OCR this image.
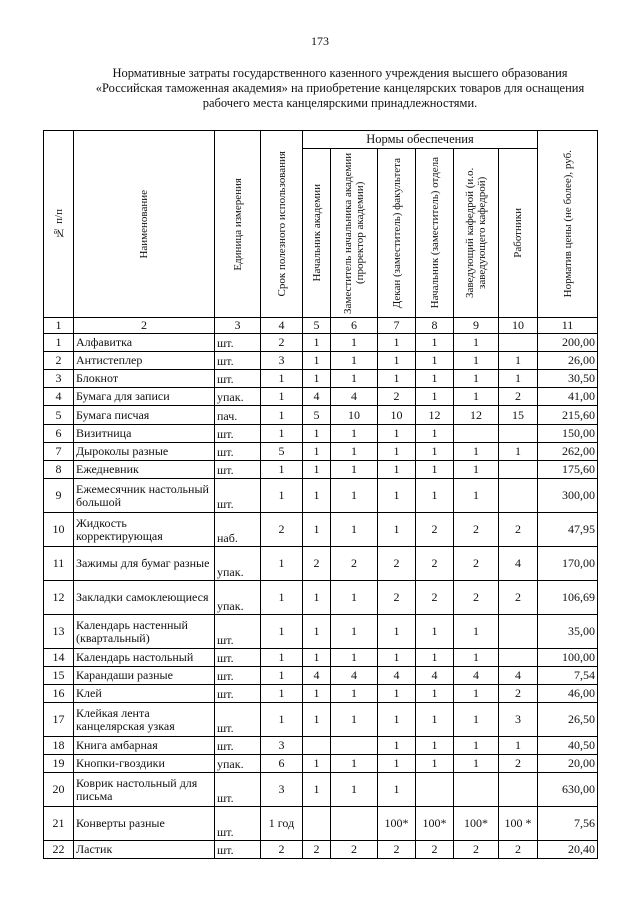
173
Нормативные затраты государственного казенного учреждения высшего образования
«Российская таможенная академия» на приобретение канцелярских товаров для оснащения
рабочего места канцелярскими принадлежностями.
№ п/п	Наименование	Единица измерения	Срок полезного использования	Нормы обеспечения						Норматив цены (не более), руб.

				Начальник академии	Заместитель начальника академии (проректор академии)	Декан (заместитель) факультета	Начальник (заместитель) отдела	Заведующий кафедрой (и.о. заведующего кафедрой)	Работники	

1	2	3	4	5	6	7	8	9	10	11
1	Алфавитка	шт.	2	1	1	1	1	1		200,00
2	Антистеплер	шт.	3	1	1	1	1	1	1	26,00
3	Блокнот	шт.	1	1	1	1	1	1	1	30,50
4	Бумага для записи	упак.	1	4	4	2	1	1	2	41,00
5	Бумага писчая	пач.	1	5	10	10	12	12	15	215,60
6	Визитница	шт.	1	1	1	1	1			150,00
7	Дыроколы разные	шт.	5	1	1	1	1	1	1	262,00
8	Ежедневник	шт.	1	1	1	1	1	1		175,60
9	Ежемесячник настольный большой	шт.	1	1	1	1	1	1		300,00
10	Жидкость корректирующая	наб.	2	1	1	1	2	2	2	47,95
11	Зажимы для бумаг разные	упак.	1	2	2	2	2	2	4	170,00
12	Закладки самоклеющиеся	упак.	1	1	1	2	2	2	2	106,69
13	Календарь настенный (квартальный)	шт.	1	1	1	1	1	1		35,00
14	Календарь настольный	шт.	1	1	1	1	1	1		100,00
15	Карандаши разные	шт.	1	4	4	4	4	4	4	7,54
16	Клей	шт.	1	1	1	1	1	1	2	46,00
17	Клейкая лента канцелярская узкая	шт.	1	1	1	1	1	1	3	26,50
18	Книга амбарная	шт.	3			1	1	1	1	40,50
19	Кнопки-гвоздики	упак.	6	1	1	1	1	1	2	20,00
20	Коврик настольный для письма	шт.	3	1	1	1				630,00
21	Конверты разные	шт.	1 год			100*	100*	100*	100 *	7,56
22	Ластик	шт.	2	2	2	2	2	2	2	20,40
